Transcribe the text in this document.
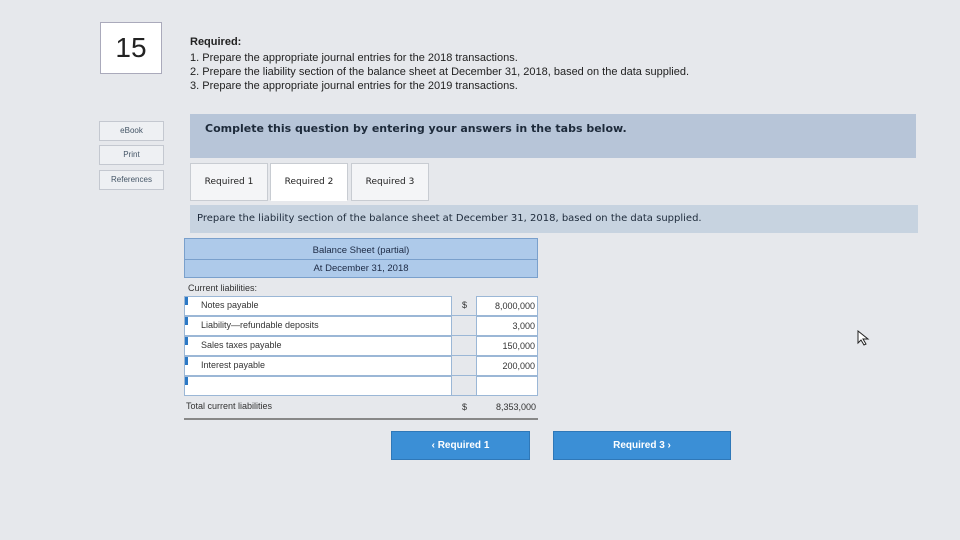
15	Required:
1. Prepare the appropriate journal entries for the 2018 transactions.
2. Prepare the liability section of the balance sheet at December 31, 2018, based on the data supplied.
3. Prepare the appropriate journal entries for the 2019 transactions.
eBook
Print
References
Complete this question by entering your answers in the tabs below.
Required 1	Required 2	Required 3
Prepare the liability section of the balance sheet at December 31, 2018, based on the data supplied.
Balance Sheet (partial)
At December 31, 2018
Current liabilities:
Notes payable	$	8,000,000
Liability—refundable deposits	3,000
Sales taxes payable	150,000
Interest payable	200,000
Total current liabilities	$	8,353,000
‹ Required 1	Required 3 ›
